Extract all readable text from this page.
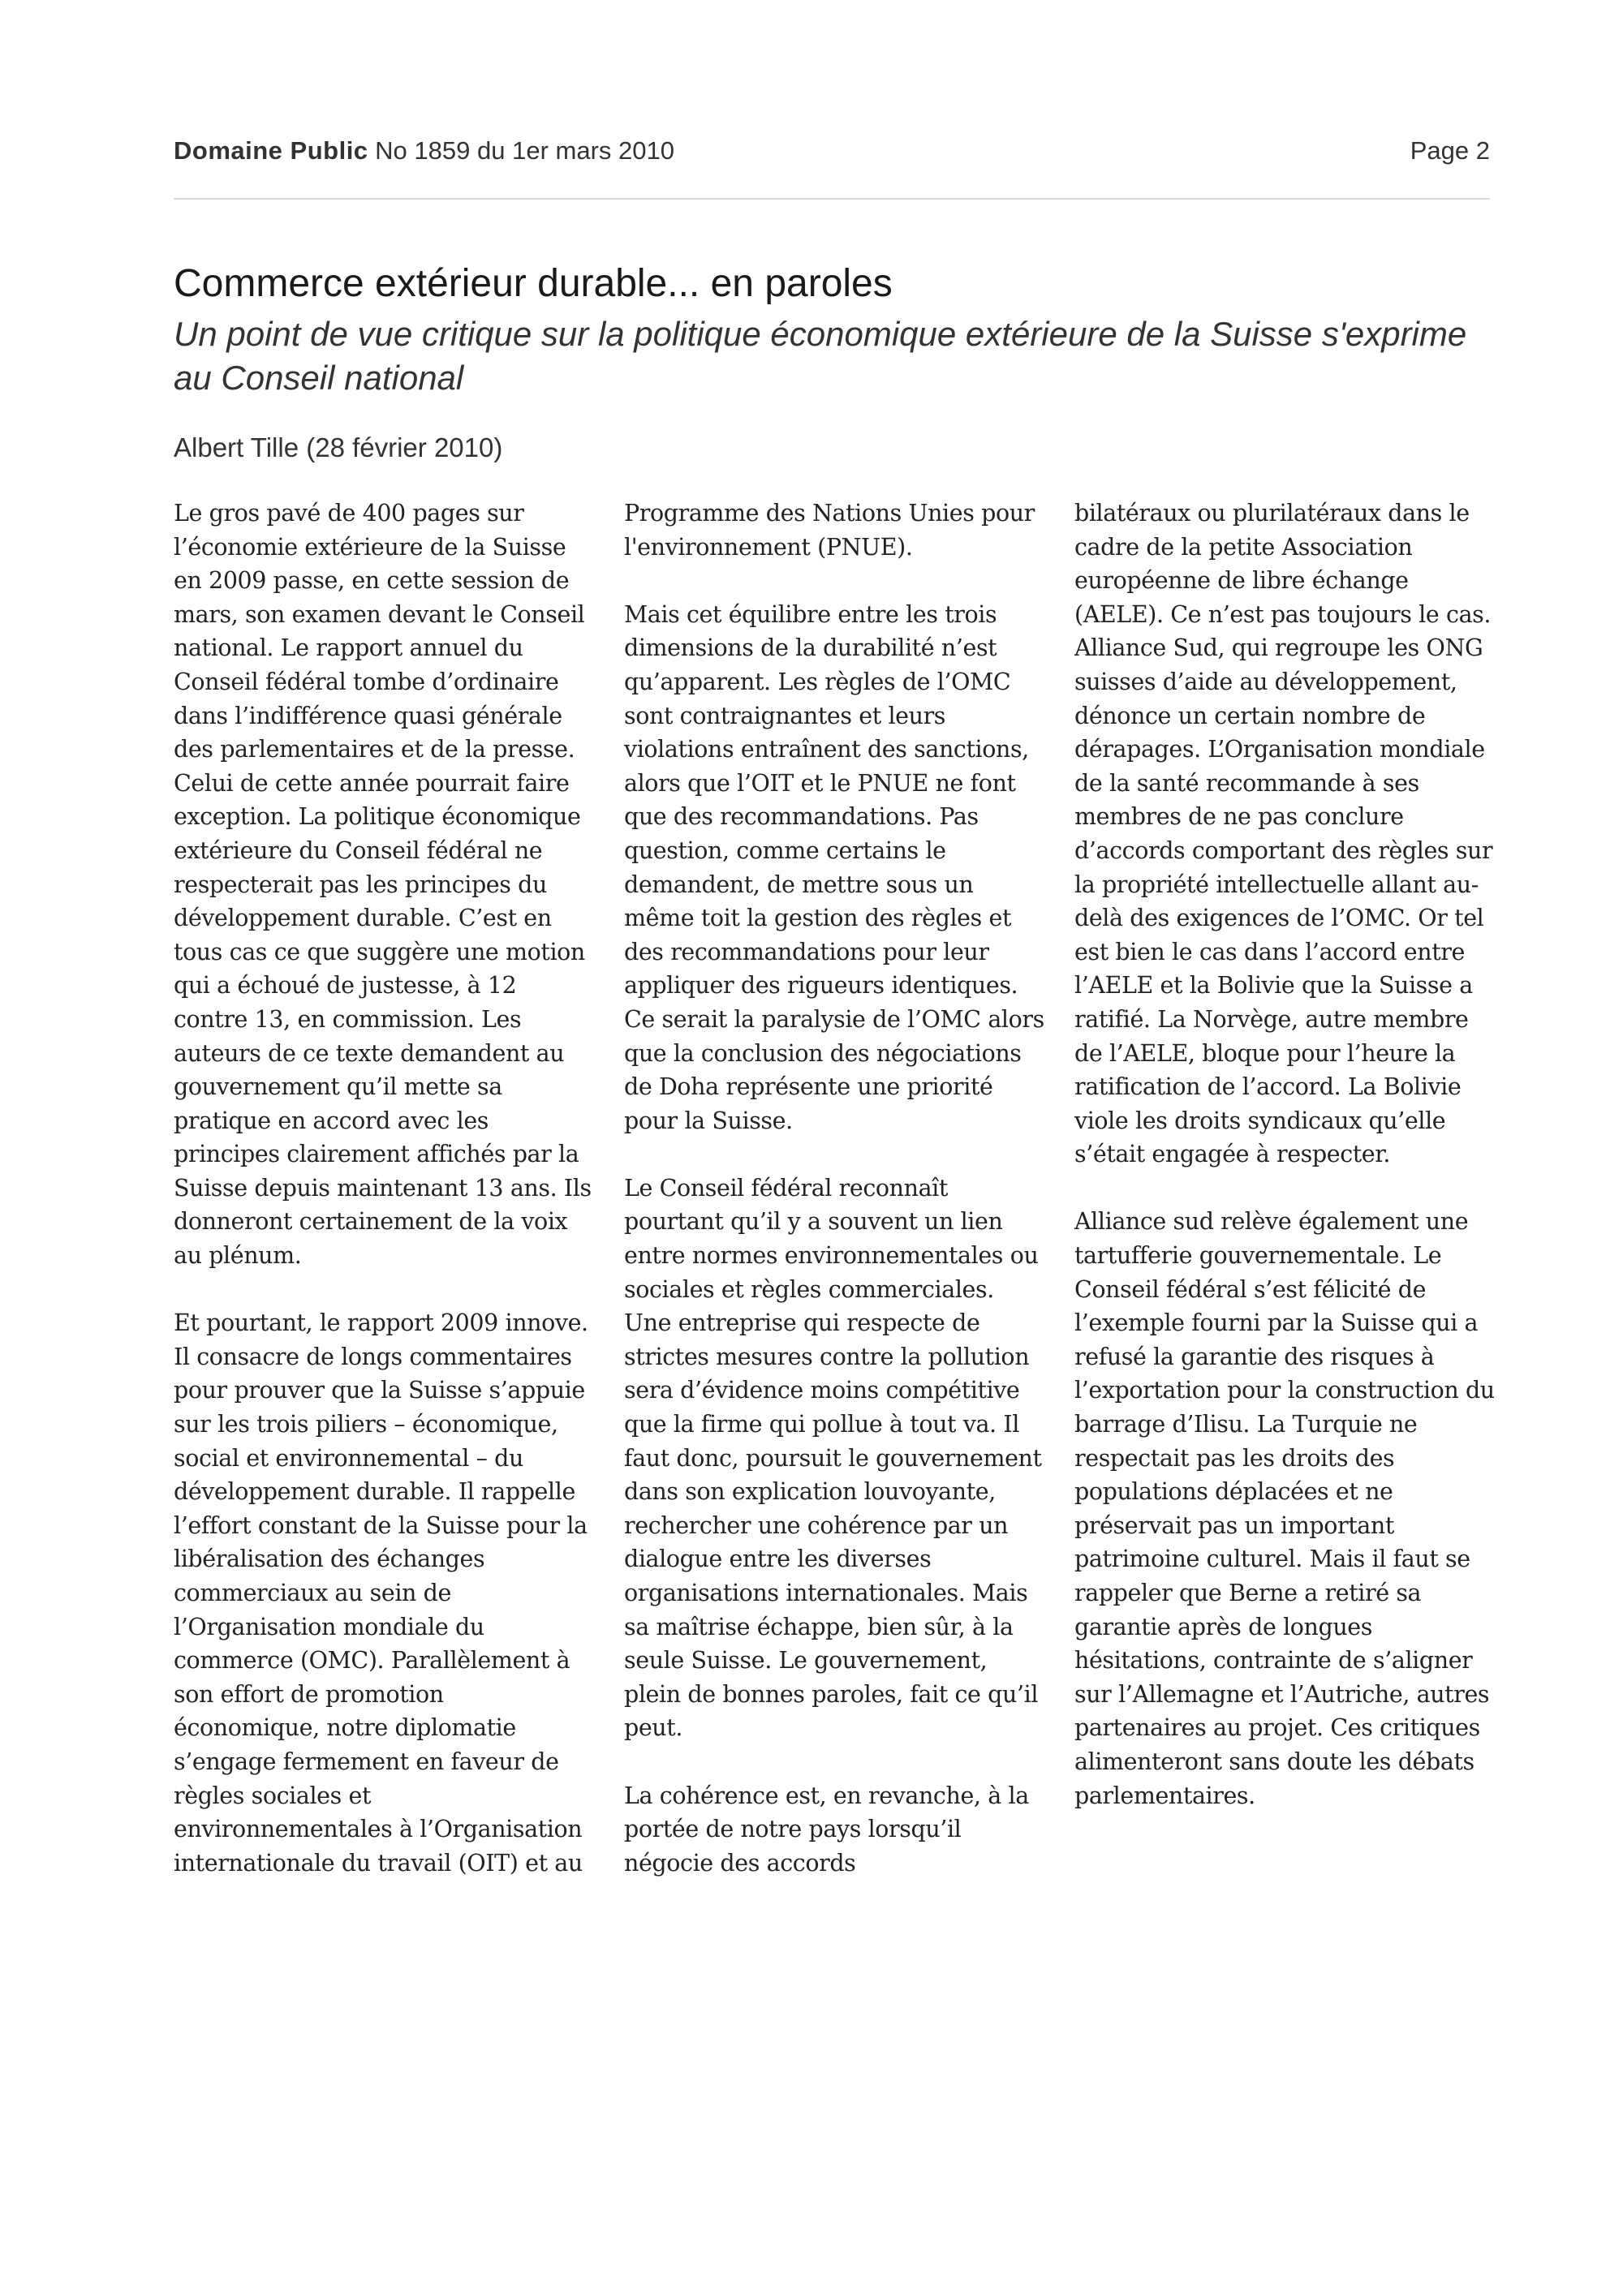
Domaine Public No 1859 du 1er mars 2010	Page 2
Commerce extérieur durable... en paroles

Un point de vue critique sur la politique économique extérieure de la Suisse s'exprime au Conseil national

Albert Tille (28 février 2010)

Le gros pavé de 400 pages sur l’économie extérieure de la Suisse en 2009 passe, en cette session de mars, son examen devant le Conseil national. Le rapport annuel du Conseil fédéral tombe d’ordinaire dans l’indifférence quasi générale des parlementaires et de la presse. Celui de cette année pourrait faire exception. La politique économique extérieure du Conseil fédéral ne respecterait pas les principes du développement durable. C’est en tous cas ce que suggère une motion qui a échoué de justesse, à 12 contre 13, en commission. Les auteurs de ce texte demandent au gouvernement qu’il mette sa pratique en accord avec les principes clairement affichés par la Suisse depuis maintenant 13 ans. Ils donneront certainement de la voix au plénum.

Et pourtant, le rapport 2009 innove. Il consacre de longs commentaires pour prouver que la Suisse s’appuie sur les trois piliers – économique, social et environnemental – du développement durable. Il rappelle l’effort constant de la Suisse pour la libéralisation des échanges commerciaux au sein de l’Organisation mondiale du commerce (OMC). Parallèlement à son effort de promotion économique, notre diplomatie s’engage fermement en faveur de règles sociales et environnementales à l’Organisation internationale du travail (OIT) et au

Programme des Nations Unies pour l'environnement (PNUE).

Mais cet équilibre entre les trois dimensions de la durabilité n’est qu’apparent. Les règles de l’OMC sont contraignantes et leurs violations entraînent des sanctions, alors que l’OIT et le PNUE ne font que des recommandations. Pas question, comme certains le demandent, de mettre sous un même toit la gestion des règles et des recommandations pour leur appliquer des rigueurs identiques. Ce serait la paralysie de l’OMC alors que la conclusion des négociations de Doha représente une priorité pour la Suisse.

Le Conseil fédéral reconnaît pourtant qu’il y a souvent un lien entre normes environnementales ou sociales et règles commerciales. Une entreprise qui respecte de strictes mesures contre la pollution sera d’évidence moins compétitive que la firme qui pollue à tout va. Il faut donc, poursuit le gouvernement dans son explication louvoyante, rechercher une cohérence par un dialogue entre les diverses organisations internationales. Mais sa maîtrise échappe, bien sûr, à la seule Suisse. Le gouvernement, plein de bonnes paroles, fait ce qu’il peut.

La cohérence est, en revanche, à la portée de notre pays lorsqu’il négocie des accords

bilatéraux ou plurilatéraux dans le cadre de la petite Association européenne de libre échange (AELE). Ce n’est pas toujours le cas. Alliance Sud, qui regroupe les ONG suisses d’aide au développement, dénonce un certain nombre de dérapages. L’Organisation mondiale de la santé recommande à ses membres de ne pas conclure d’accords comportant des règles sur la propriété intellectuelle allant au-delà des exigences de l’OMC. Or tel est bien le cas dans l’accord entre l’AELE et la Bolivie que la Suisse a ratifié. La Norvège, autre membre de l’AELE, bloque pour l’heure la ratification de l’accord. La Bolivie viole les droits syndicaux qu’elle s’était engagée à respecter.

Alliance sud relève également une tartufferie gouvernementale. Le Conseil fédéral s’est félicité de l’exemple fourni par la Suisse qui a refusé la garantie des risques à l’exportation pour la construction du barrage d’Ilisu. La Turquie ne respectait pas les droits des populations déplacées et ne préservait pas un important patrimoine culturel. Mais il faut se rappeler que Berne a retiré sa garantie après de longues hésitations, contrainte de s’aligner sur l’Allemagne et l’Autriche, autres partenaires au projet. Ces critiques alimenteront sans doute les débats parlementaires.
